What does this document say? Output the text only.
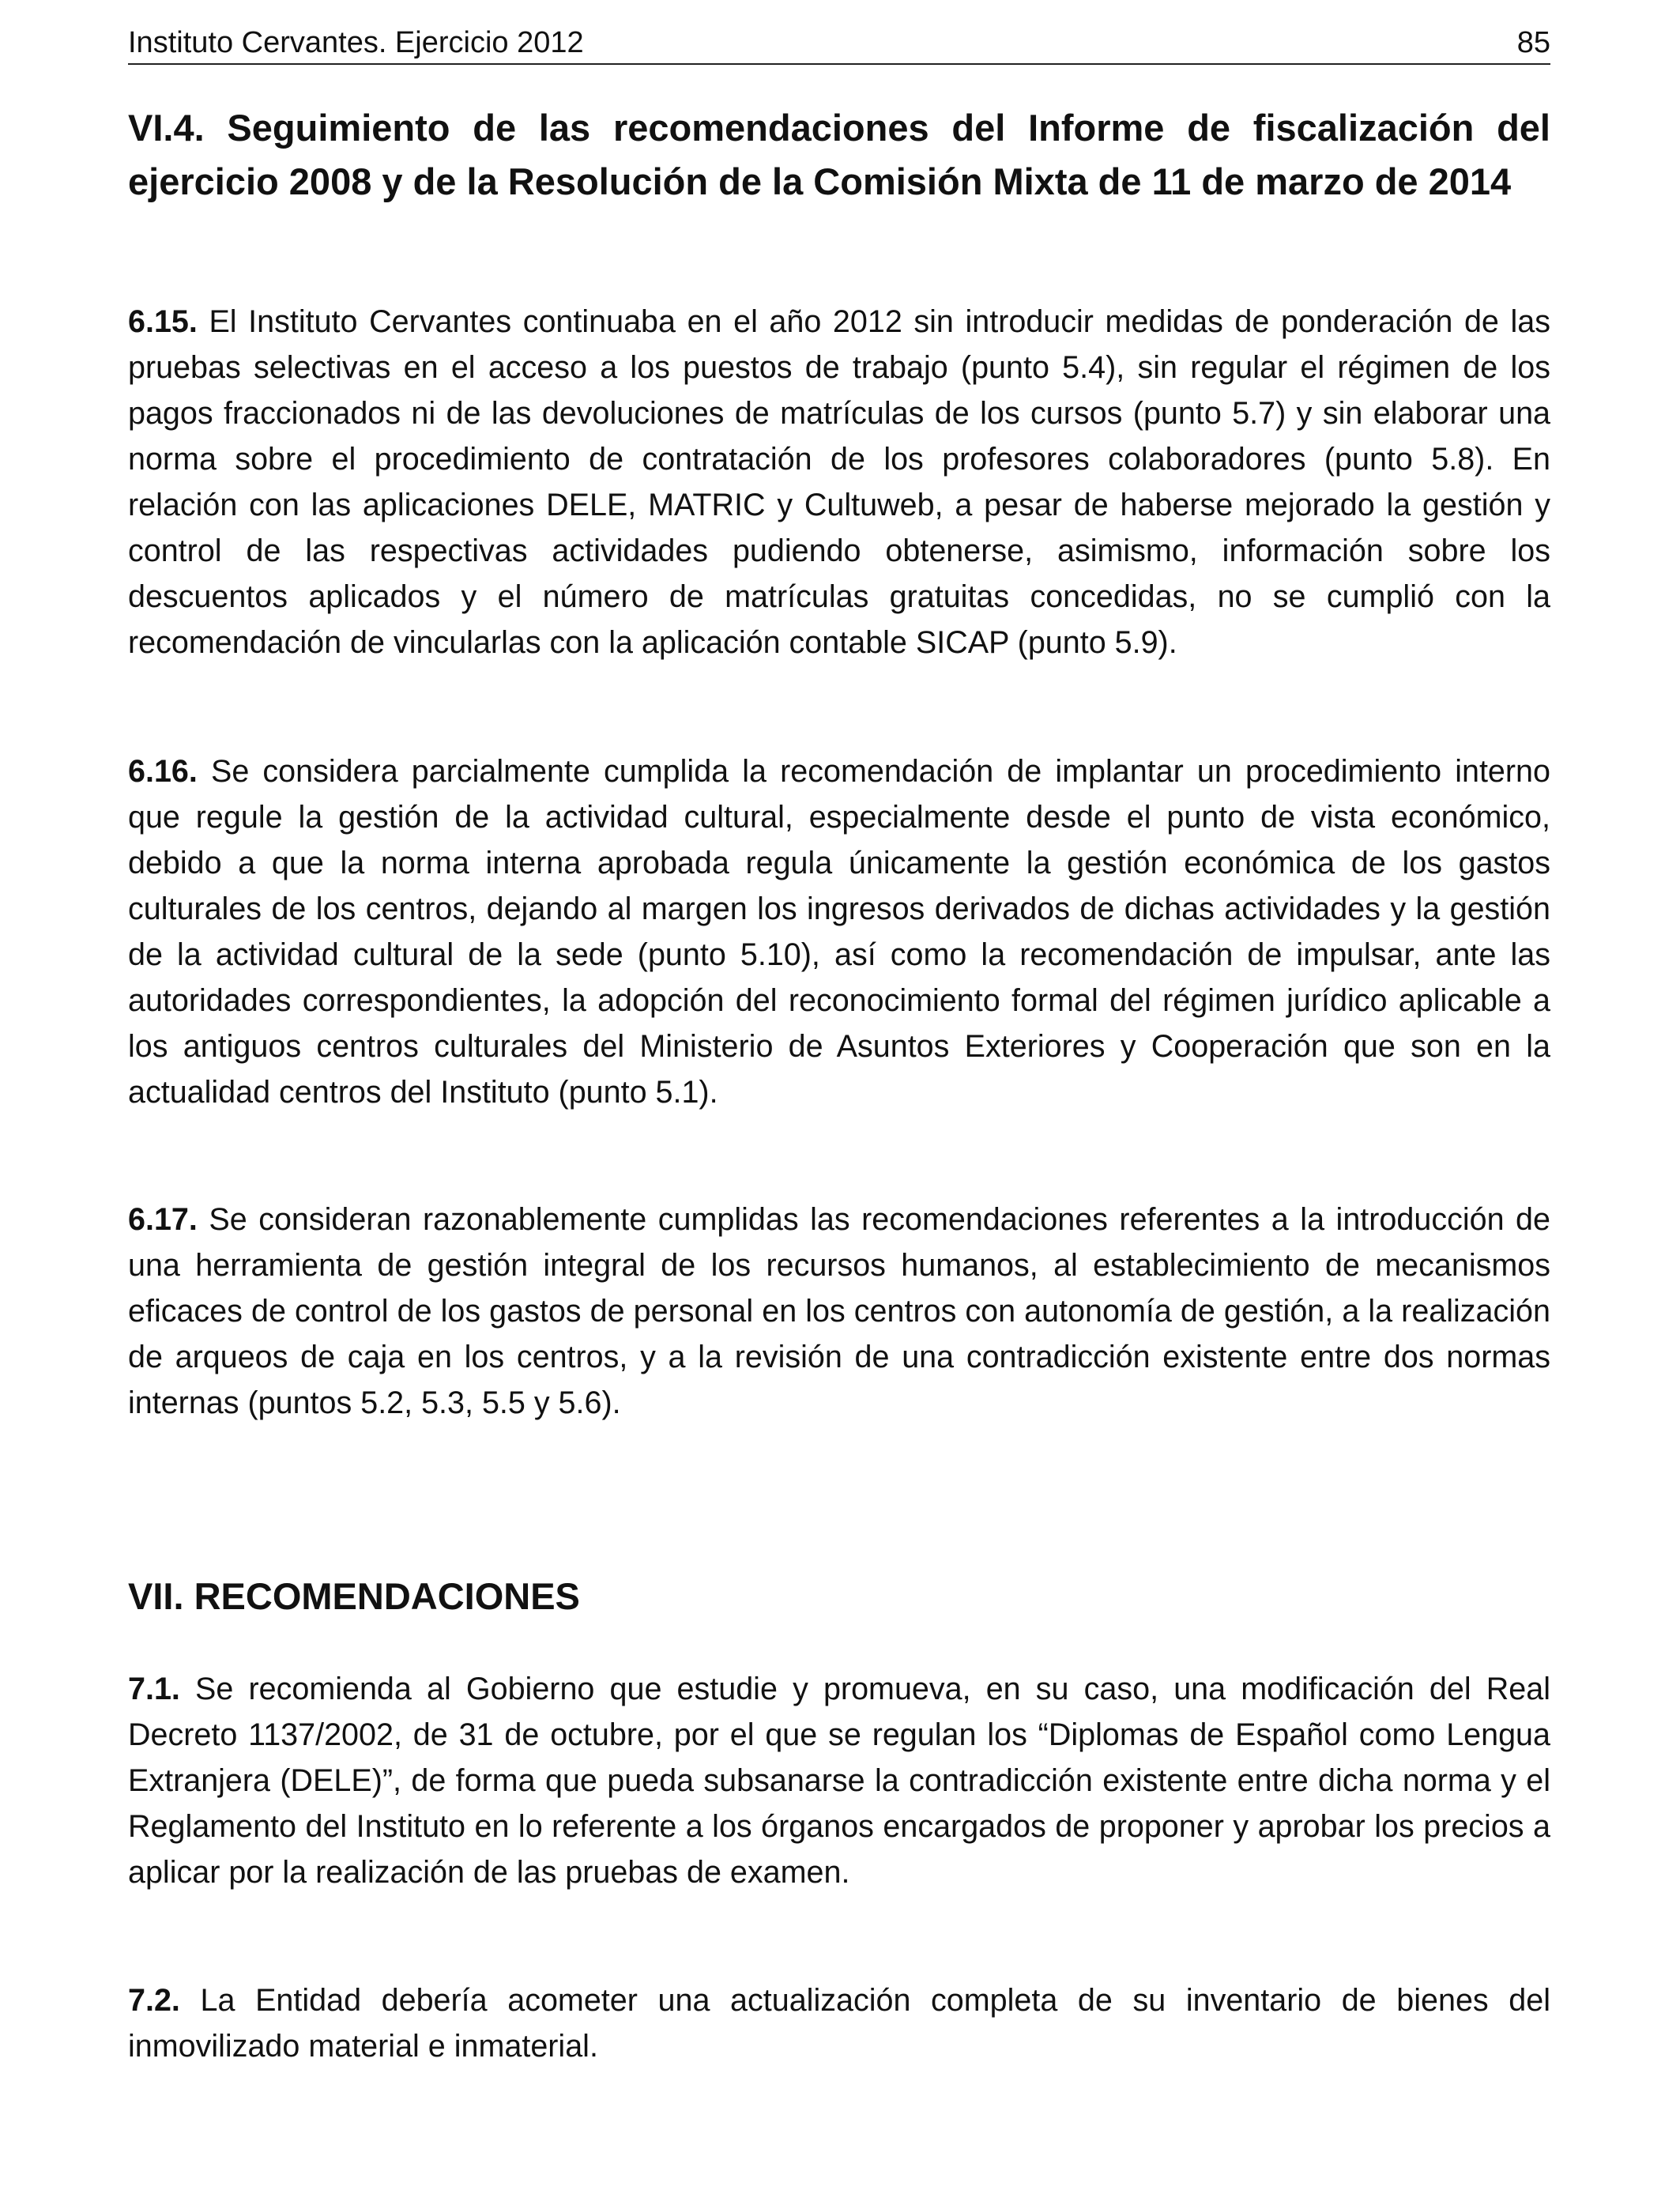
Instituto Cervantes. Ejercicio 2012	85
VI.4. Seguimiento de las recomendaciones del Informe de fiscalización del ejercicio 2008 y de la Resolución de la Comisión Mixta de 11 de marzo de 2014

6.15. El Instituto Cervantes continuaba en el año 2012 sin introducir medidas de ponderación de las pruebas selectivas en el acceso a los puestos de trabajo (punto 5.4), sin regular el régimen de los pagos fraccionados ni de las devoluciones de matrículas de los cursos (punto 5.7) y sin elaborar una norma sobre el procedimiento de contratación de los profesores colaboradores (punto 5.8). En relación con las aplicaciones DELE, MATRIC y Cultuweb, a pesar de haberse mejorado la gestión y control de las respectivas actividades pudiendo obtenerse, asimismo, información sobre los descuentos aplicados y el número de matrículas gratuitas concedidas, no se cumplió con la recomendación de vincularlas con la aplicación contable SICAP (punto 5.9).

6.16. Se considera parcialmente cumplida la recomendación de implantar un procedimiento interno que regule la gestión de la actividad cultural, especialmente desde el punto de vista económico, debido a que la norma interna aprobada regula únicamente la gestión económica de los gastos culturales de los centros, dejando al margen los ingresos derivados de dichas actividades y la gestión de la actividad cultural de la sede (punto 5.10), así como la recomendación de impulsar, ante las autoridades correspondientes, la adopción del reconocimiento formal del régimen jurídico aplicable a los antiguos centros culturales del Ministerio de Asuntos Exteriores y Cooperación que son en la actualidad centros del Instituto (punto 5.1).

6.17. Se consideran razonablemente cumplidas las recomendaciones referentes a la introducción de una herramienta de gestión integral de los recursos humanos, al establecimiento de mecanismos eficaces de control de los gastos de personal en los centros con autonomía de gestión, a la realización de arqueos de caja en los centros, y a la revisión de una contradicción existente entre dos normas internas (puntos 5.2, 5.3, 5.5 y 5.6).

VII. RECOMENDACIONES

7.1. Se recomienda al Gobierno que estudie y promueva, en su caso, una modificación del Real Decreto 1137/2002, de 31 de octubre, por el que se regulan los “Diplomas de Español como Lengua Extranjera (DELE)”, de forma que pueda subsanarse la contradicción existente entre dicha norma y el Reglamento del Instituto en lo referente a los órganos encargados de proponer y aprobar los precios a aplicar por la realización de las pruebas de examen.

7.2. La Entidad debería acometer una actualización completa de su inventario de bienes del inmovilizado material e inmaterial.
